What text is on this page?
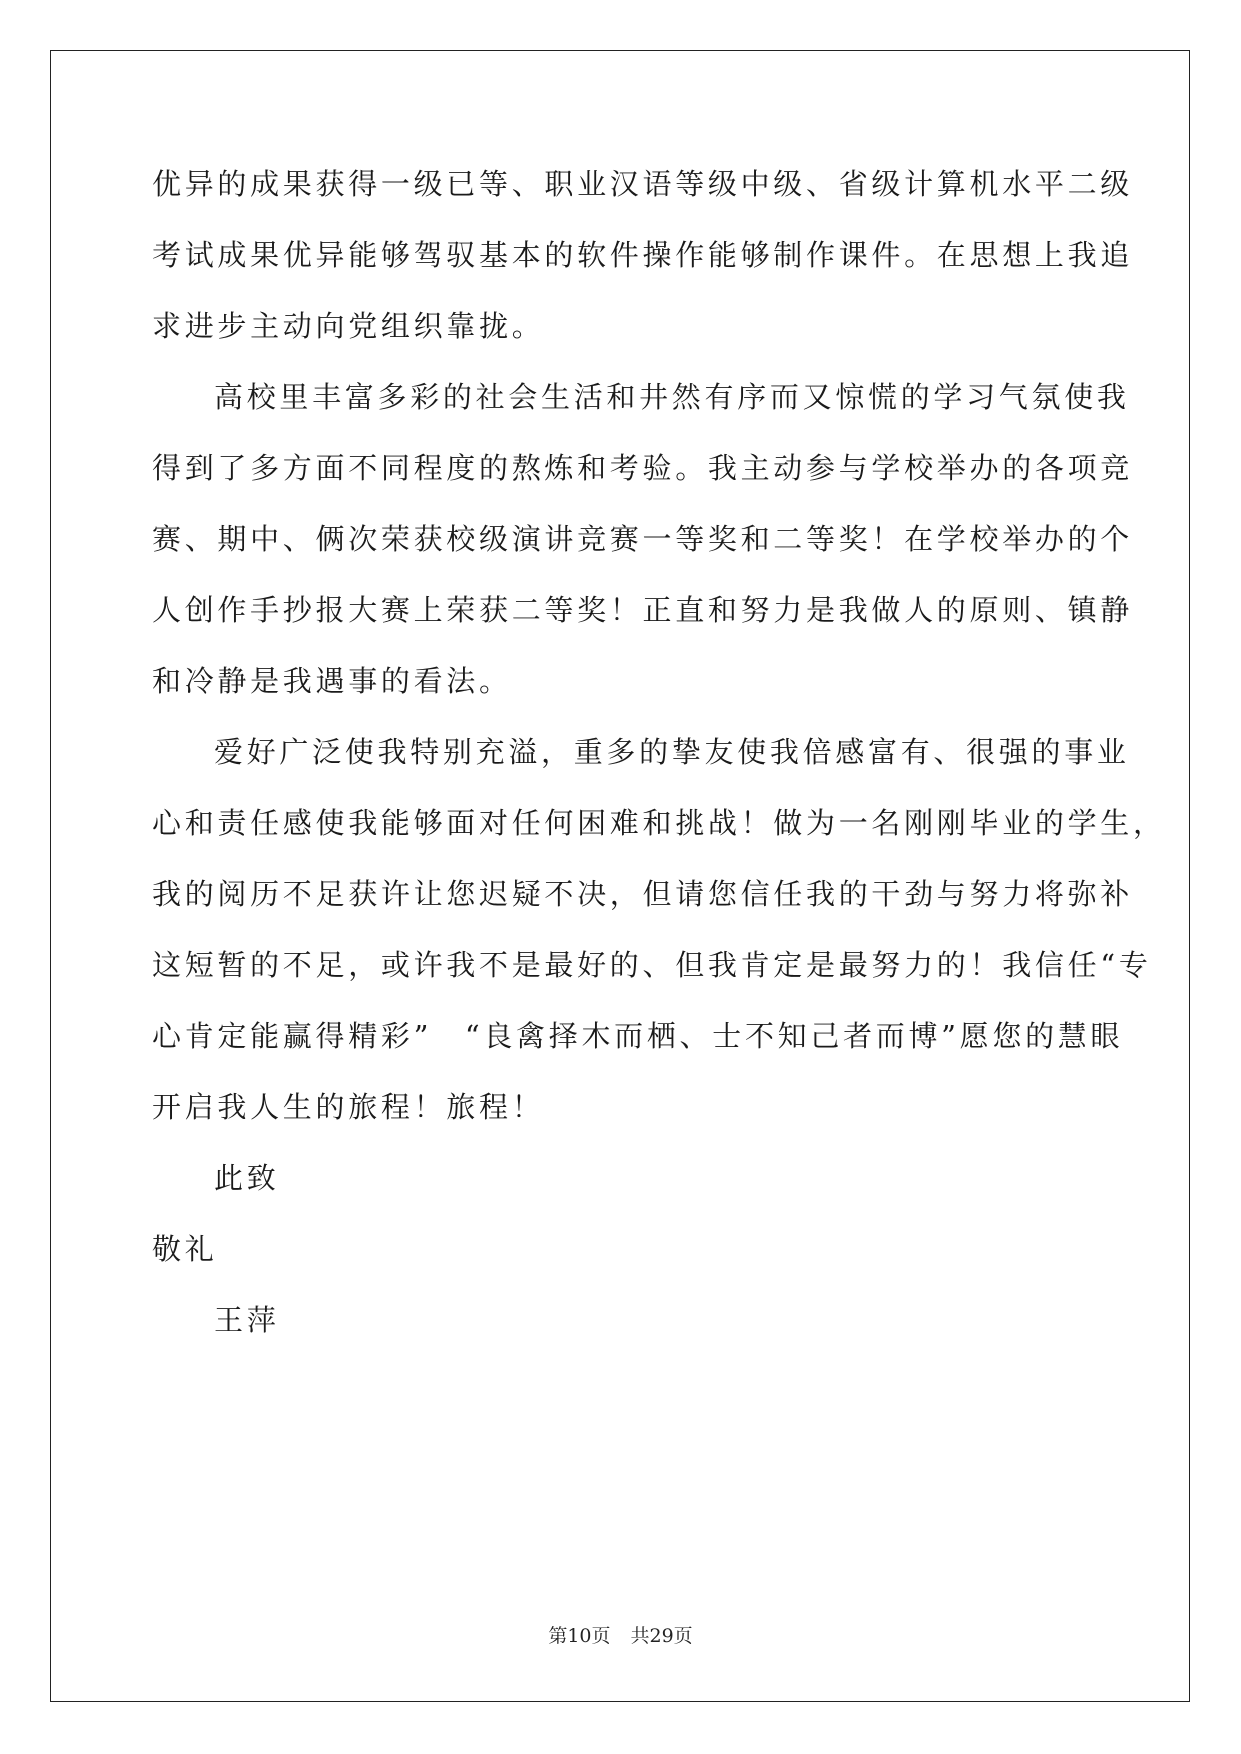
优异的成果获得一级已等、职业汉语等级中级、省级计算机水平二级
考试成果优异能够驾驭基本的软件操作能够制作课件。在思想上我追
求进步主动向党组织靠拢。
高校里丰富多彩的社会生活和井然有序而又惊慌的学习气氛使我
得到了多方面不同程度的熬炼和考验。我主动参与学校举办的各项竞
赛、期中、俩次荣获校级演讲竞赛一等奖和二等奖！在学校举办的个
人创作手抄报大赛上荣获二等奖！正直和努力是我做人的原则、镇静
和冷静是我遇事的看法。
爱好广泛使我特别充溢，重多的挚友使我倍感富有、很强的事业
心和责任感使我能够面对任何困难和挑战！做为一名刚刚毕业的学生，
我的阅历不足获许让您迟疑不决，但请您信任我的干劲与努力将弥补
这短暂的不足，或许我不是最好的、但我肯定是最努力的！我信任“专
心肯定能赢得精彩”　“良禽择木而栖、士不知己者而博”愿您的慧眼
开启我人生的旅程！旅程！
此致
敬礼
王萍
第10页 共29页
